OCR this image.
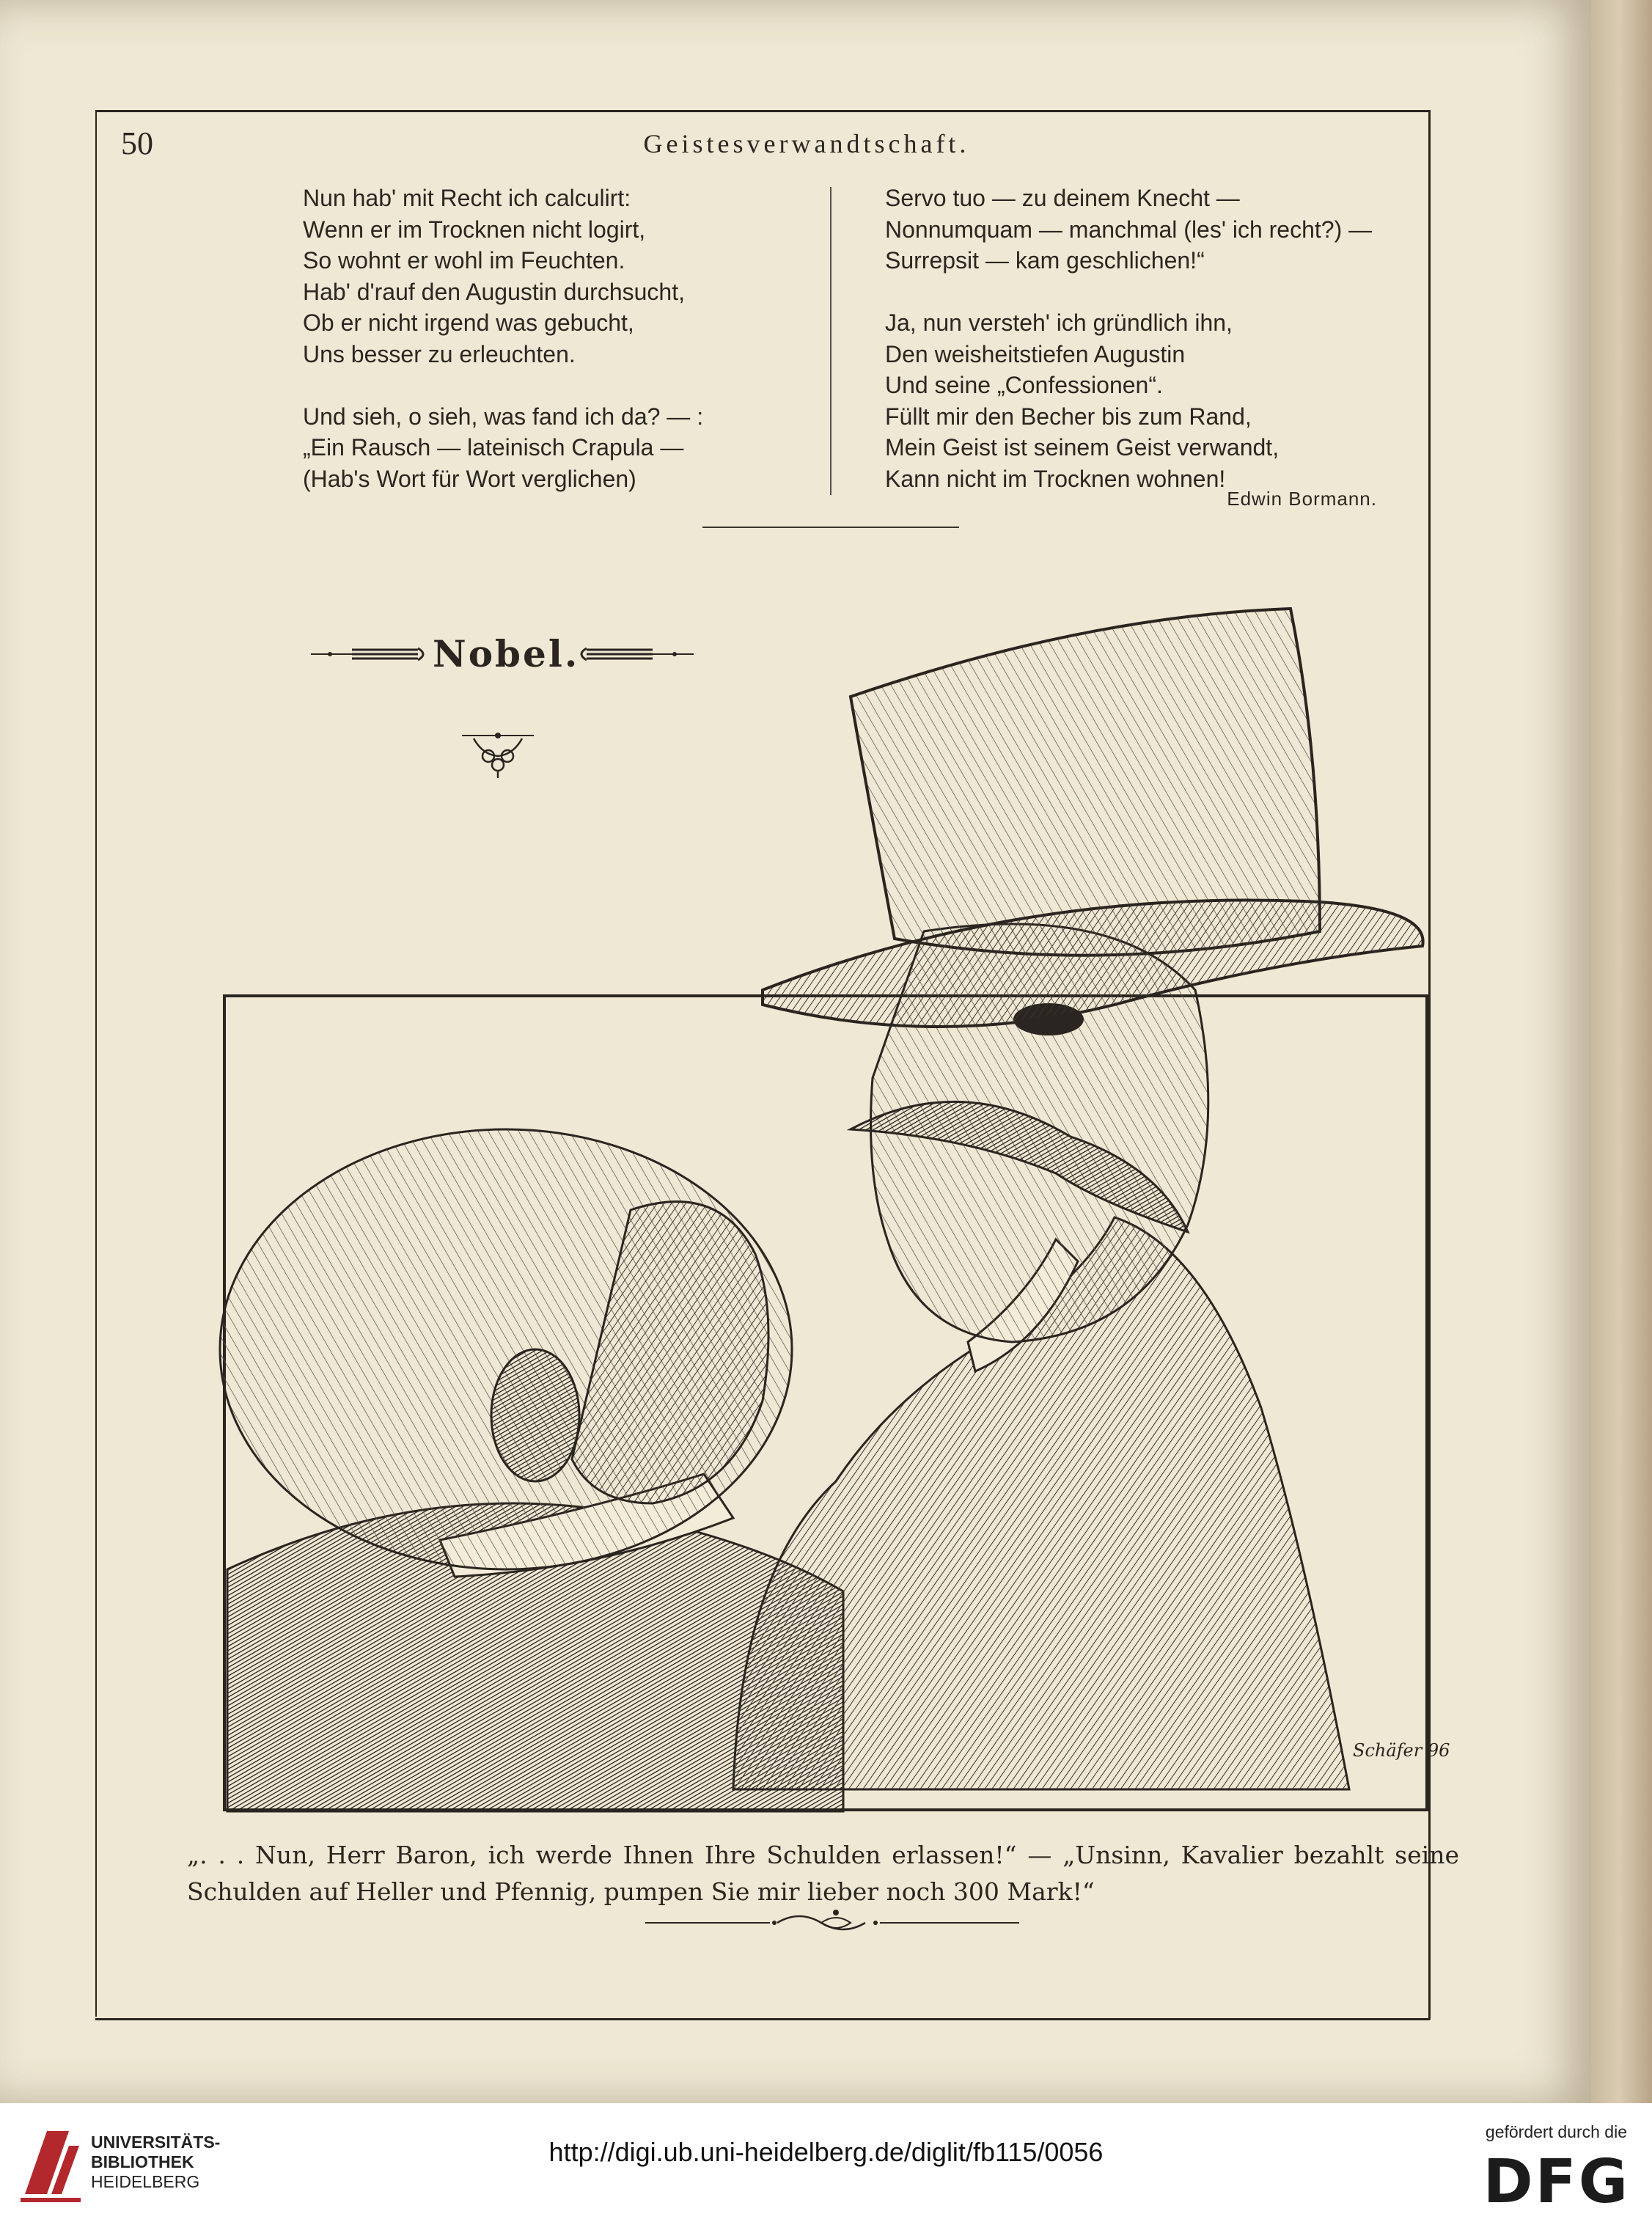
50	Geistesverwandtschaft.
Nun hab' mit Recht ich calculirt:
Wenn er im Trocknen nicht logirt,
So wohnt er wohl im Feuchten.
Hab' d'rauf den Augustin durchsucht,
Ob er nicht irgend was gebucht,
Uns besser zu erleuchten.
Und sieh, o sieh, was fand ich da? — :
„Ein Rausch — lateinisch Crapula —
(Hab's Wort für Wort verglichen)
Servo tuo — zu deinem Knecht —
Nonnumquam — manchmal (les' ich recht?) —
Surrepsit — kam geschlichen!“
Ja, nun versteh' ich gründlich ihn,
Den weisheitstiefen Augustin
Und seine „Confessionen“.
Füllt mir den Becher bis zum Rand,
Mein Geist ist seinem Geist verwandt,
Kann nicht im Trocknen wohnen!
Edwin Bormann.
Nobel.
Schäfer 96
„. . . Nun, Herr Baron, ich werde Ihnen Ihre Schulden erlassen!“ — „Unsinn, Kavalier bezahlt seine Schulden auf Heller und Pfennig, pumpen Sie mir lieber noch 300 Mark!“
UNIVERSITÄTS-
BIBLIOTHEK
HEIDELBERG
http://digi.ub.uni-heidelberg.de/diglit/fb115/0056
gefördert durch die
DFG
